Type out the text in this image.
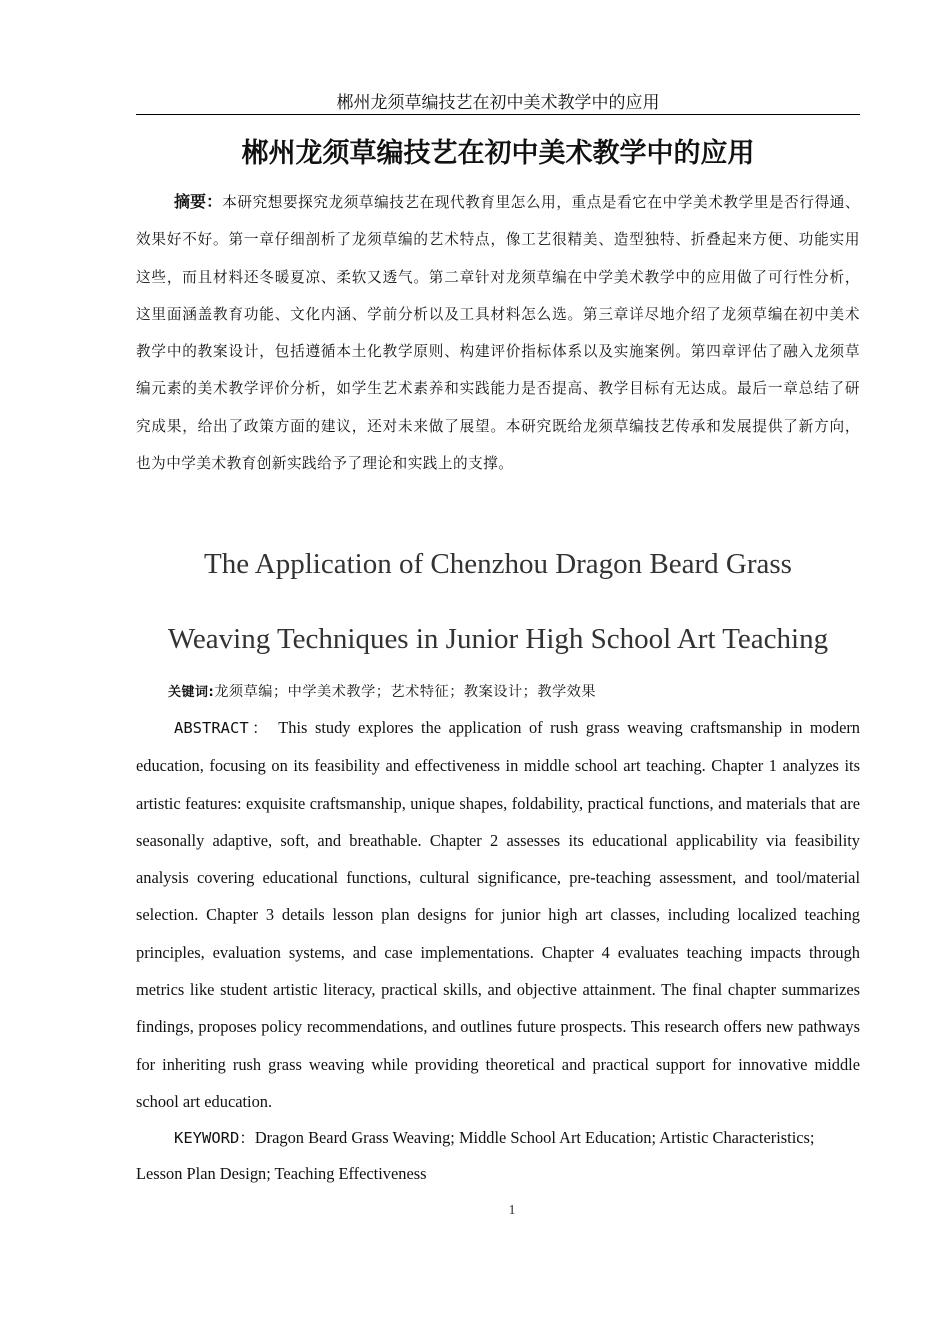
郴州龙须草编技艺在初中美术教学中的应用
郴州龙须草编技艺在初中美术教学中的应用

摘要：本研究想要探究龙须草编技艺在现代教育里怎么用，重点是看它在中学美术教学里是否行得通、效果好不好。第一章仔细剖析了龙须草编的艺术特点，像工艺很精美、造型独特、折叠起来方便、功能实用这些，而且材料还冬暖夏凉、柔软又透气。第二章针对龙须草编在中学美术教学中的应用做了可行性分析，这里面涵盖教育功能、文化内涵、学前分析以及工具材料怎么选。第三章详尽地介绍了龙须草编在初中美术教学中的教案设计，包括遵循本土化教学原则、构建评价指标体系以及实施案例。第四章评估了融入龙须草编元素的美术教学评价分析，如学生艺术素养和实践能力是否提高、教学目标有无达成。最后一章总结了研究成果，给出了政策方面的建议，还对未来做了展望。本研究既给龙须草编技艺传承和发展提供了新方向，也为中学美术教育创新实践给予了理论和实践上的支撑。

The Application of Chenzhou Dragon Beard Grass
Weaving Techniques in Junior High School Art Teaching
关键词:龙须草编；中学美术教学；艺术特征；教案设计；教学效果

ABSTRACT： This study explores the application of rush grass weaving craftsmanship in modern education, focusing on its feasibility and effectiveness in middle school art teaching. Chapter 1 analyzes its artistic features: exquisite craftsmanship, unique shapes, foldability, practical functions, and materials that are seasonally adaptive, soft, and breathable. Chapter 2 assesses its educational applicability via feasibility analysis covering educational functions, cultural significance, pre-teaching assessment, and tool/material selection. Chapter 3 details lesson plan designs for junior high art classes, including localized teaching principles, evaluation systems, and case implementations. Chapter 4 evaluates teaching impacts through metrics like student artistic literacy, practical skills, and objective attainment. The final chapter summarizes findings, proposes policy recommendations, and outlines future prospects. This research offers new pathways for inheriting rush grass weaving while providing theoretical and practical support for innovative middle school art education.

KEYWORD：Dragon Beard Grass Weaving; Middle School Art Education; Artistic Characteristics; Lesson Plan Design; Teaching Effectiveness

1
